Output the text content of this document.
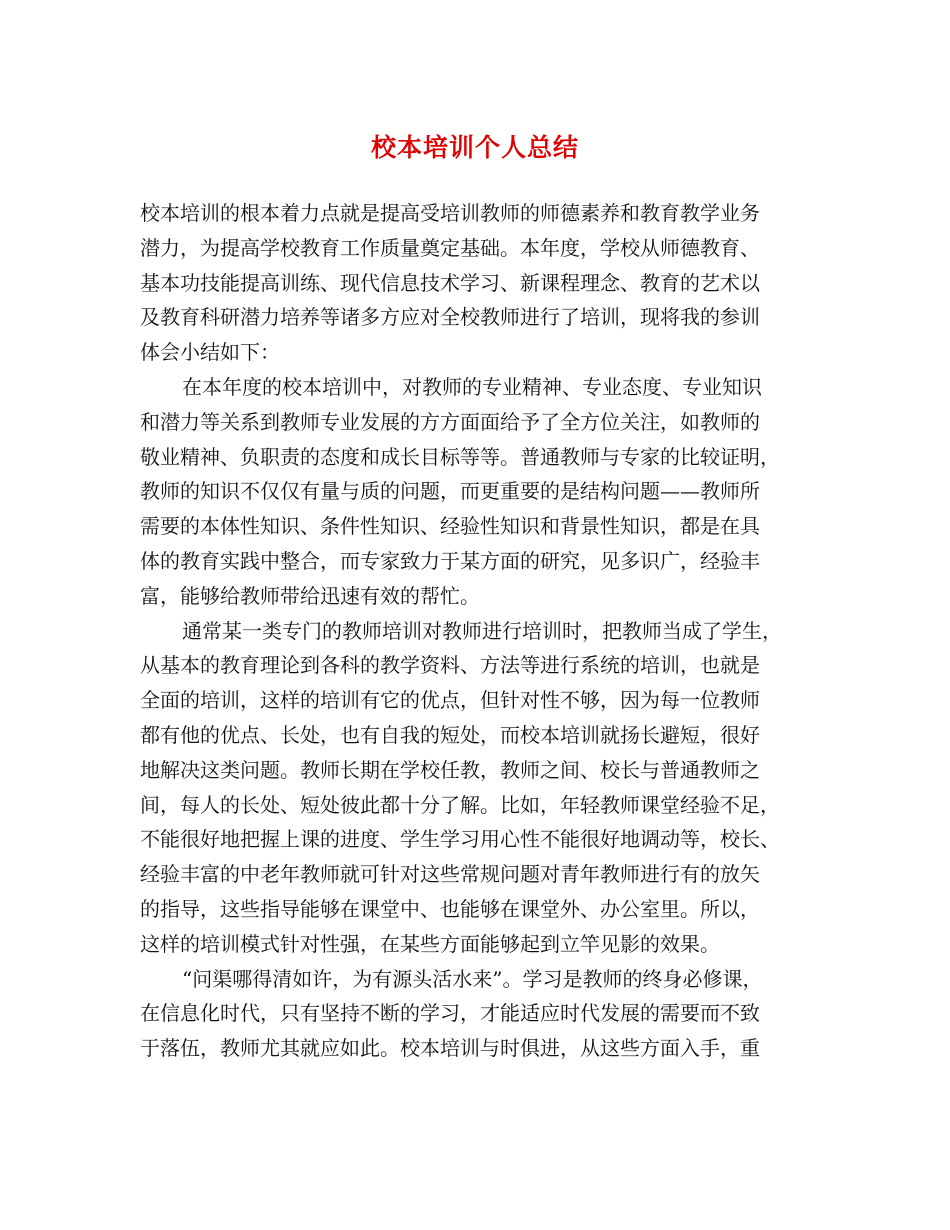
校本培训个人总结
校本培训的根本着力点就是提高受培训教师的师德素养和教育教学业务
潜力，为提高学校教育工作质量奠定基础。本年度，学校从师德教育、
基本功技能提高训练、现代信息技术学习、新课程理念、教育的艺术以
及教育科研潜力培养等诸多方应对全校教师进行了培训，现将我的参训
体会小结如下：
在本年度的校本培训中，对教师的专业精神、专业态度、专业知识
和潜力等关系到教师专业发展的方方面面给予了全方位关注，如教师的
敬业精神、负职责的态度和成长目标等等。普通教师与专家的比较证明，
教师的知识不仅仅有量与质的问题，而更重要的是结构问题——教师所
需要的本体性知识、条件性知识、经验性知识和背景性知识，都是在具
体的教育实践中整合，而专家致力于某方面的研究，见多识广，经验丰
富，能够给教师带给迅速有效的帮忙。
通常某一类专门的教师培训对教师进行培训时，把教师当成了学生，
从基本的教育理论到各科的教学资料、方法等进行系统的培训，也就是
全面的培训，这样的培训有它的优点，但针对性不够，因为每一位教师
都有他的优点、长处，也有自我的短处，而校本培训就扬长避短，很好
地解决这类问题。教师长期在学校任教，教师之间、校长与普通教师之
间，每人的长处、短处彼此都十分了解。比如，年轻教师课堂经验不足，
不能很好地把握上课的进度、学生学习用心性不能很好地调动等，校长、
经验丰富的中老年教师就可针对这些常规问题对青年教师进行有的放矢
的指导，这些指导能够在课堂中、也能够在课堂外、办公室里。所以，
这样的培训模式针对性强，在某些方面能够起到立竿见影的效果。
“问渠哪得清如许，为有源头活水来”。学习是教师的终身必修课，
在信息化时代，只有坚持不断的学习，才能适应时代发展的需要而不致
于落伍，教师尤其就应如此。校本培训与时俱进，从这些方面入手，重
